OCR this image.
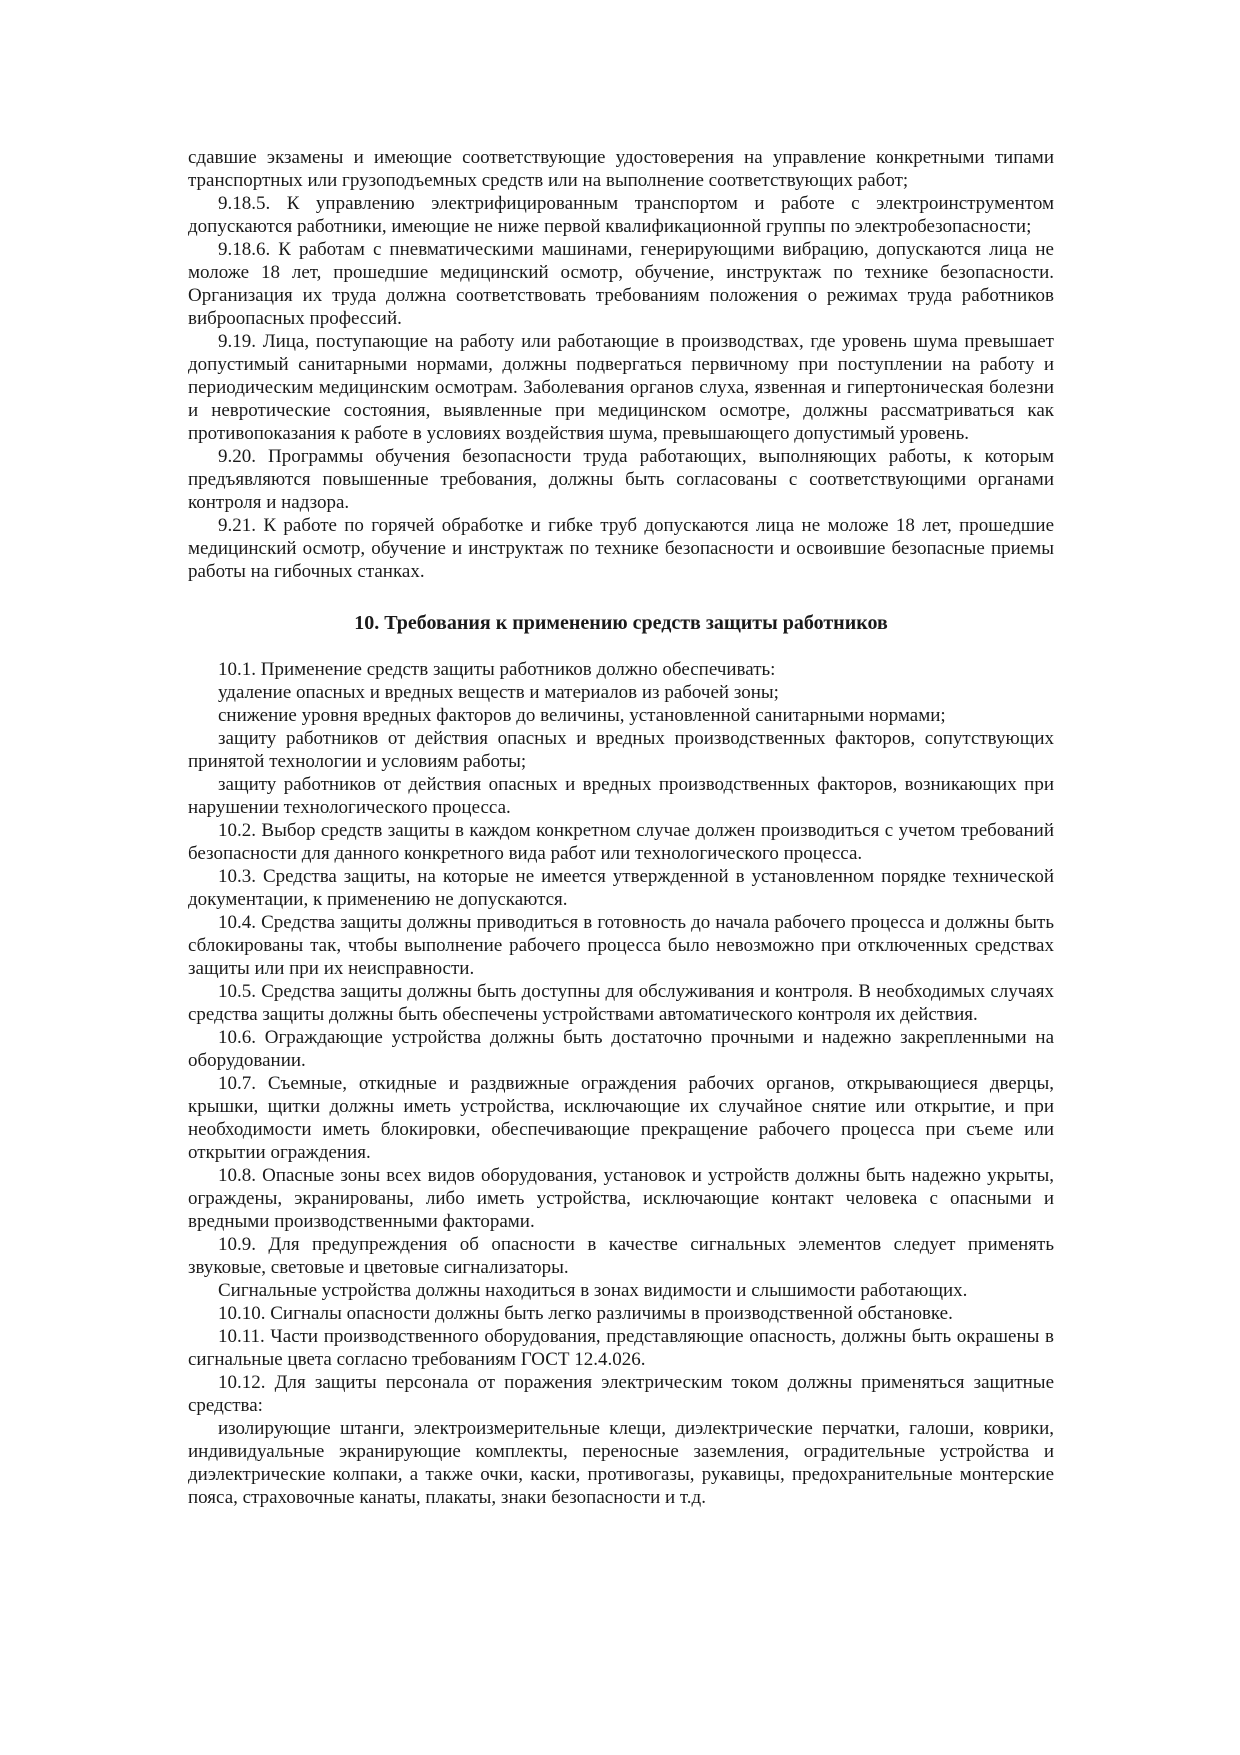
сдавшие экзамены и имеющие соответствующие удостоверения на управление конкретными типами транспортных или грузоподъемных средств или на выполнение соответствующих работ;

9.18.5. К управлению электрифицированным транспортом и работе с электроинструментом допускаются работники, имеющие не ниже первой квалификационной группы по электробезопасности;

9.18.6. К работам с пневматическими машинами, генерирующими вибрацию, допускаются лица не моложе 18 лет, прошедшие медицинский осмотр, обучение, инструктаж по технике безопасности. Организация их труда должна соответствовать требованиям положения о режимах труда работников виброопасных профессий.

9.19. Лица, поступающие на работу или работающие в производствах, где уровень шума превышает допустимый санитарными нормами, должны подвергаться первичному при поступлении на работу и периодическим медицинским осмотрам. Заболевания органов слуха, язвенная и гипертоническая болезни и невротические состояния, выявленные при медицинском осмотре, должны рассматриваться как противопоказания к работе в условиях воздействия шума, превышающего допустимый уровень.

9.20. Программы обучения безопасности труда работающих, выполняющих работы, к которым предъявляются повышенные требования, должны быть согласованы с соответствующими органами контроля и надзора.

9.21. К работе по горячей обработке и гибке труб допускаются лица не моложе 18 лет, прошедшие медицинский осмотр, обучение и инструктаж по технике безопасности и освоившие безопасные приемы работы на гибочных станках.

10. Требования к применению средств защиты работников

10.1. Применение средств защиты работников должно обеспечивать:

удаление опасных и вредных веществ и материалов из рабочей зоны;

снижение уровня вредных факторов до величины, установленной санитарными нормами;

защиту работников от действия опасных и вредных производственных факторов, сопутствующих принятой технологии и условиям работы;

защиту работников от действия опасных и вредных производственных факторов, возникающих при нарушении технологического процесса.

10.2. Выбор средств защиты в каждом конкретном случае должен производиться с учетом требований безопасности для данного конкретного вида работ или технологического процесса.

10.3. Средства защиты, на которые не имеется утвержденной в установленном порядке технической документации, к применению не допускаются.

10.4. Средства защиты должны приводиться в готовность до начала рабочего процесса и должны быть сблокированы так, чтобы выполнение рабочего процесса было невозможно при отключенных средствах защиты или при их неисправности.

10.5. Средства защиты должны быть доступны для обслуживания и контроля. В необходимых случаях средства защиты должны быть обеспечены устройствами автоматического контроля их действия.

10.6. Ограждающие устройства должны быть достаточно прочными и надежно закрепленными на оборудовании.

10.7. Съемные, откидные и раздвижные ограждения рабочих органов, открывающиеся дверцы, крышки, щитки должны иметь устройства, исключающие их случайное снятие или открытие, и при необходимости иметь блокировки, обеспечивающие прекращение рабочего процесса при съеме или открытии ограждения.

10.8. Опасные зоны всех видов оборудования, установок и устройств должны быть надежно укрыты, ограждены, экранированы, либо иметь устройства, исключающие контакт человека с опасными и вредными производственными факторами.

10.9. Для предупреждения об опасности в качестве сигнальных элементов следует применять звуковые, световые и цветовые сигнализаторы.

Сигнальные устройства должны находиться в зонах видимости и слышимости работающих.

10.10. Сигналы опасности должны быть легко различимы в производственной обстановке.

10.11. Части производственного оборудования, представляющие опасность, должны быть окрашены в сигнальные цвета согласно требованиям ГОСТ 12.4.026.

10.12. Для защиты персонала от поражения электрическим током должны применяться защитные средства:

изолирующие штанги, электроизмерительные клещи, диэлектрические перчатки, галоши, коврики, индивидуальные экранирующие комплекты, переносные заземления, оградительные устройства и диэлектрические колпаки, а также очки, каски, противогазы, рукавицы, предохранительные монтерские пояса, страховочные канаты, плакаты, знаки безопасности и т.д.
